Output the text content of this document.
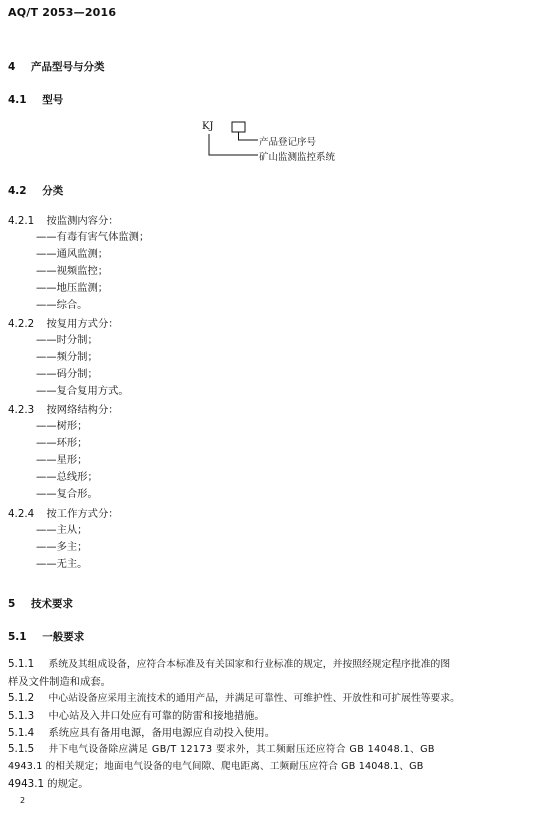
AQ/T 2053—2016
4 产品型号与分类
4.1 型号
KJ
产品登记序号
矿山监测监控系统
4.2 分类
4.2.1 按监测内容分：
——有毒有害气体监测；
——通风监测；
——视频监控；
——地压监测；
——综合。
4.2.2 按复用方式分：
——时分制；
——频分制；
——码分制；
——复合复用方式。
4.2.3 按网络结构分：
——树形；
——环形；
——星形；
——总线形；
——复合形。
4.2.4 按工作方式分：
——主从；
——多主；
——无主。
5 技术要求
5.1 一般要求
5.1.1 系统及其组成设备，应符合本标准及有关国家和行业标准的规定，并按照经规定程序批准的图
样及文件制造和成套。
5.1.2 中心站设备应采用主流技术的通用产品，并满足可靠性、可维护性、开放性和可扩展性等要求。
5.1.3 中心站及入井口处应有可靠的防雷和接地措施。
5.1.4 系统应具有备用电源，备用电源应自动投入使用。
5.1.5 井下电气设备除应满足 GB/T 12173 要求外，其工频耐压还应符合 GB 14048.1、GB
4943.1 的相关规定；地面电气设备的电气间隙、爬电距离、工频耐压应符合 GB 14048.1、GB
4943.1 的规定。
2
